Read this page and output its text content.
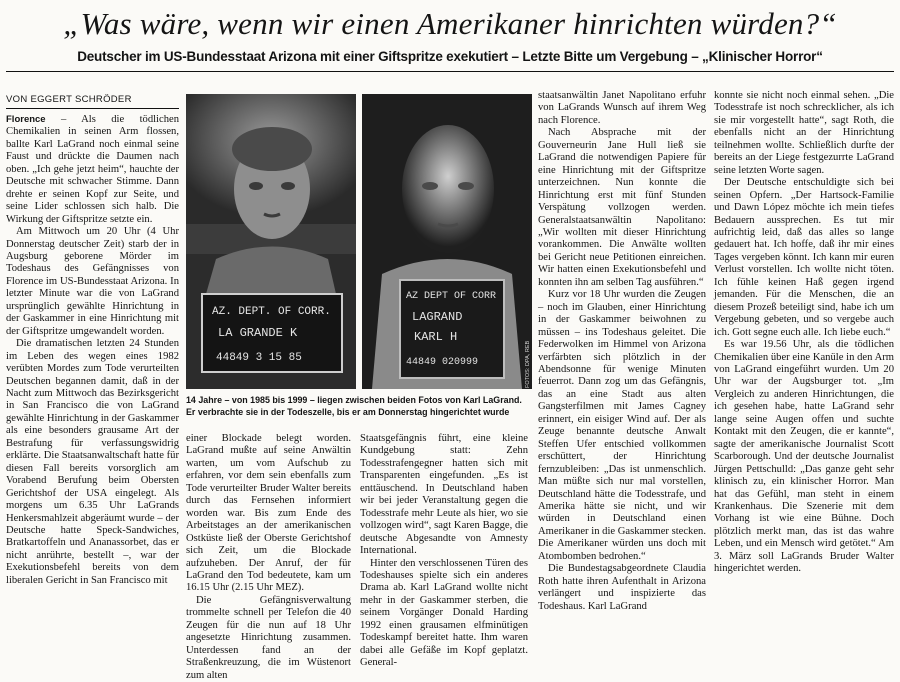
„Was wäre, wenn wir einen Amerikaner hinrichten würden?“
Deutscher im US-Bundesstaat Arizona mit einer Giftspritze exekutiert – Letzte Bitte um Vergebung – „Klinischer Horror“
VON EGGERT SCHRÖDER

Florence – Als die tödlichen Chemikalien in seinen Arm flossen, ballte Karl LaGrand noch einmal seine Faust und drückte die Daumen nach oben. „Ich gehe jetzt heim“, hauchte der Deutsche mit schwacher Stimme. Dann drehte er seinen Kopf zur Seite, und seine Lider schlossen sich halb. Die Wirkung der Giftspritze setzte ein.

Am Mittwoch um 20 Uhr (4 Uhr Donnerstag deutscher Zeit) starb der in Augsburg geborene Mörder im Todeshaus des Gefängnisses von Florence im US-Bundesstaat Arizona. In letzter Minute war die von LaGrand ursprünglich gewählte Hinrichtung in der Gaskammer in eine Hinrichtung mit der Giftspritze umgewandelt worden.

Die dramatischen letzten 24 Stunden im Leben des wegen eines 1982 verübten Mordes zum Tode verurteilten Deutschen begannen damit, daß in der Nacht zum Mittwoch das Bezirksgericht in San Francisco die von LaGrand gewählte Hinrichtung in der Gaskammer als eine besonders grausame Art der Bestrafung für verfassungswidrig erklärte. Die Staatsanwaltschaft hatte für diesen Fall bereits vorsorglich am Vorabend Berufung beim Obersten Gerichtshof der USA eingelegt. Als morgens um 6.35 Uhr LaGrands Henkersmahlzeit abgeräumt wurde – der Deutsche hatte Speck-Sandwiches, Bratkartoffeln und Ananassorbet, das er nicht anrührte, bestellt –, war der Exekutionsbefehl bereits von dem liberalen Gericht in San Francisco mit

AZ. DEPT. OF CORR.
LA GRANDE K
44849 3 15 85
AZ DEPT OF CORR
LAGRAND
KARL H
44849 020999	FOTOS: DPA, REB
14 Jahre – von 1985 bis 1999 – liegen zwischen beiden Fotos von Karl LaGrand. Er verbrachte sie in der Todeszelle, bis er am Donnerstag hingerichtet wurde

einer Blockade belegt worden. LaGrand mußte auf seine Anwältin warten, um vom Aufschub zu erfahren, vor dem sein ebenfalls zum Tode verurteilter Bruder Walter bereits durch das Fernsehen informiert worden war. Bis zum Ende des Arbeitstages an der amerikanischen Ostküste ließ der Oberste Gerichtshof sich Zeit, um die Blockade aufzuheben. Der Anruf, der für LaGrand den Tod bedeutete, kam um 16.15 Uhr (2.15 Uhr MEZ).

Die Gefängnisverwaltung trommelte schnell per Telefon die 40 Zeugen für die nun auf 18 Uhr angesetzte Hinrichtung zusammen. Unterdessen fand an der Straßenkreuzung, die im Wüstenort zum alten

Staatsgefängnis führt, eine kleine Kundgebung statt: Zehn Todesstrafengegner hatten sich mit Transparenten eingefunden. „Es ist enttäuschend. In Deutschland haben wir bei jeder Veranstaltung gegen die Todesstrafe mehr Leute als hier, wo sie vollzogen wird“, sagt Karen Bagge, die deutsche Abgesandte von Amnesty International.

Hinter den verschlossenen Türen des Todeshauses spielte sich ein anderes Drama ab. Karl LaGrand wollte nicht mehr in der Gaskammer sterben, die seinem Vorgänger Donald Harding 1992 einen grausamen elfminütigen Todeskampf bereitet hatte. Ihm waren dabei alle Gefäße im Kopf geplatzt. General-

staatsanwältin Janet Napolitano erfuhr von LaGrands Wunsch auf ihrem Weg nach Florence.

Nach Absprache mit der Gouverneurin Jane Hull ließ sie LaGrand die notwendigen Papiere für eine Hinrichtung mit der Giftspritze unterzeichnen. Nun konnte die Hinrichtung erst mit fünf Stunden Verspätung vollzogen werden. Generalstaatsanwältin Napolitano: „Wir wollten mit dieser Hinrichtung vorankommen. Die Anwälte wollten bei Gericht neue Petitionen einreichen. Wir hatten einen Exekutionsbefehl und konnten ihn am selben Tag ausführen.“

Kurz vor 18 Uhr wurden die Zeugen – noch im Glauben, einer Hinrichtung in der Gaskammer beiwohnen zu müssen – ins Todeshaus geleitet. Die Federwolken im Himmel von Arizona verfärbten sich plötzlich in der Abendsonne für wenige Minuten feuerrot. Dann zog um das Gefängnis, das an eine Stadt aus alten Gangsterfilmen mit James Cagney erinnert, ein eisiger Wind auf. Der als Zeuge benannte deutsche Anwalt Steffen Ufer entschied vollkommen erschüttert, der Hinrichtung fernzubleiben: „Das ist unmenschlich. Man müßte sich nur mal vorstellen, Deutschland hätte die Todesstrafe, und Amerika hätte sie nicht, und wir würden in Deutschland einen Amerikaner in die Gaskammer stecken. Die Amerikaner würden uns doch mit Atombomben bedrohen.“

Die Bundestagsabgeordnete Claudia Roth hatte ihren Aufenthalt in Arizona verlängert und inspizierte das Todeshaus. Karl LaGrand

konnte sie nicht noch einmal sehen. „Die Todesstrafe ist noch schrecklicher, als ich sie mir vorgestellt hatte“, sagt Roth, die ebenfalls nicht an der Hinrichtung teilnehmen wollte. Schließlich durfte der bereits an der Liege festgezurrte LaGrand seine letzten Worte sagen.

Der Deutsche entschuldigte sich bei seinen Opfern. „Der Hartsock-Familie und Dawn López möchte ich mein tiefes Bedauern aussprechen. Es tut mir aufrichtig leid, daß das alles so lange gedauert hat. Ich hoffe, daß ihr mir eines Tages vergeben könnt. Ich kann mir euren Verlust vorstellen. Ich wollte nicht töten. Ich fühle keinen Haß gegen irgend jemanden. Für die Menschen, die an diesem Prozeß beteiligt sind, habe ich um Vergebung gebeten, und so vergebe auch ich. Gott segne euch alle. Ich liebe euch.“

Es war 19.56 Uhr, als die tödlichen Chemikalien über eine Kanüle in den Arm von LaGrand eingeführt wurden. Um 20 Uhr war der Augsburger tot. „Im Vergleich zu anderen Hinrichtungen, die ich gesehen habe, hatte LaGrand sehr lange seine Augen offen und suchte Kontakt mit den Zeugen, die er kannte“, sagte der amerikanische Journalist Scott Scarborough. Und der deutsche Journalist Jürgen Pettschulld: „Das ganze geht sehr klinisch zu, ein klinischer Horror. Man hat das Gefühl, man steht in einem Krankenhaus. Die Szenerie mit dem Vorhang ist wie eine Bühne. Doch plötzlich merkt man, das ist das wahre Leben, und ein Mensch wird getötet.“ Am 3. März soll LaGrands Bruder Walter hingerichtet werden.
